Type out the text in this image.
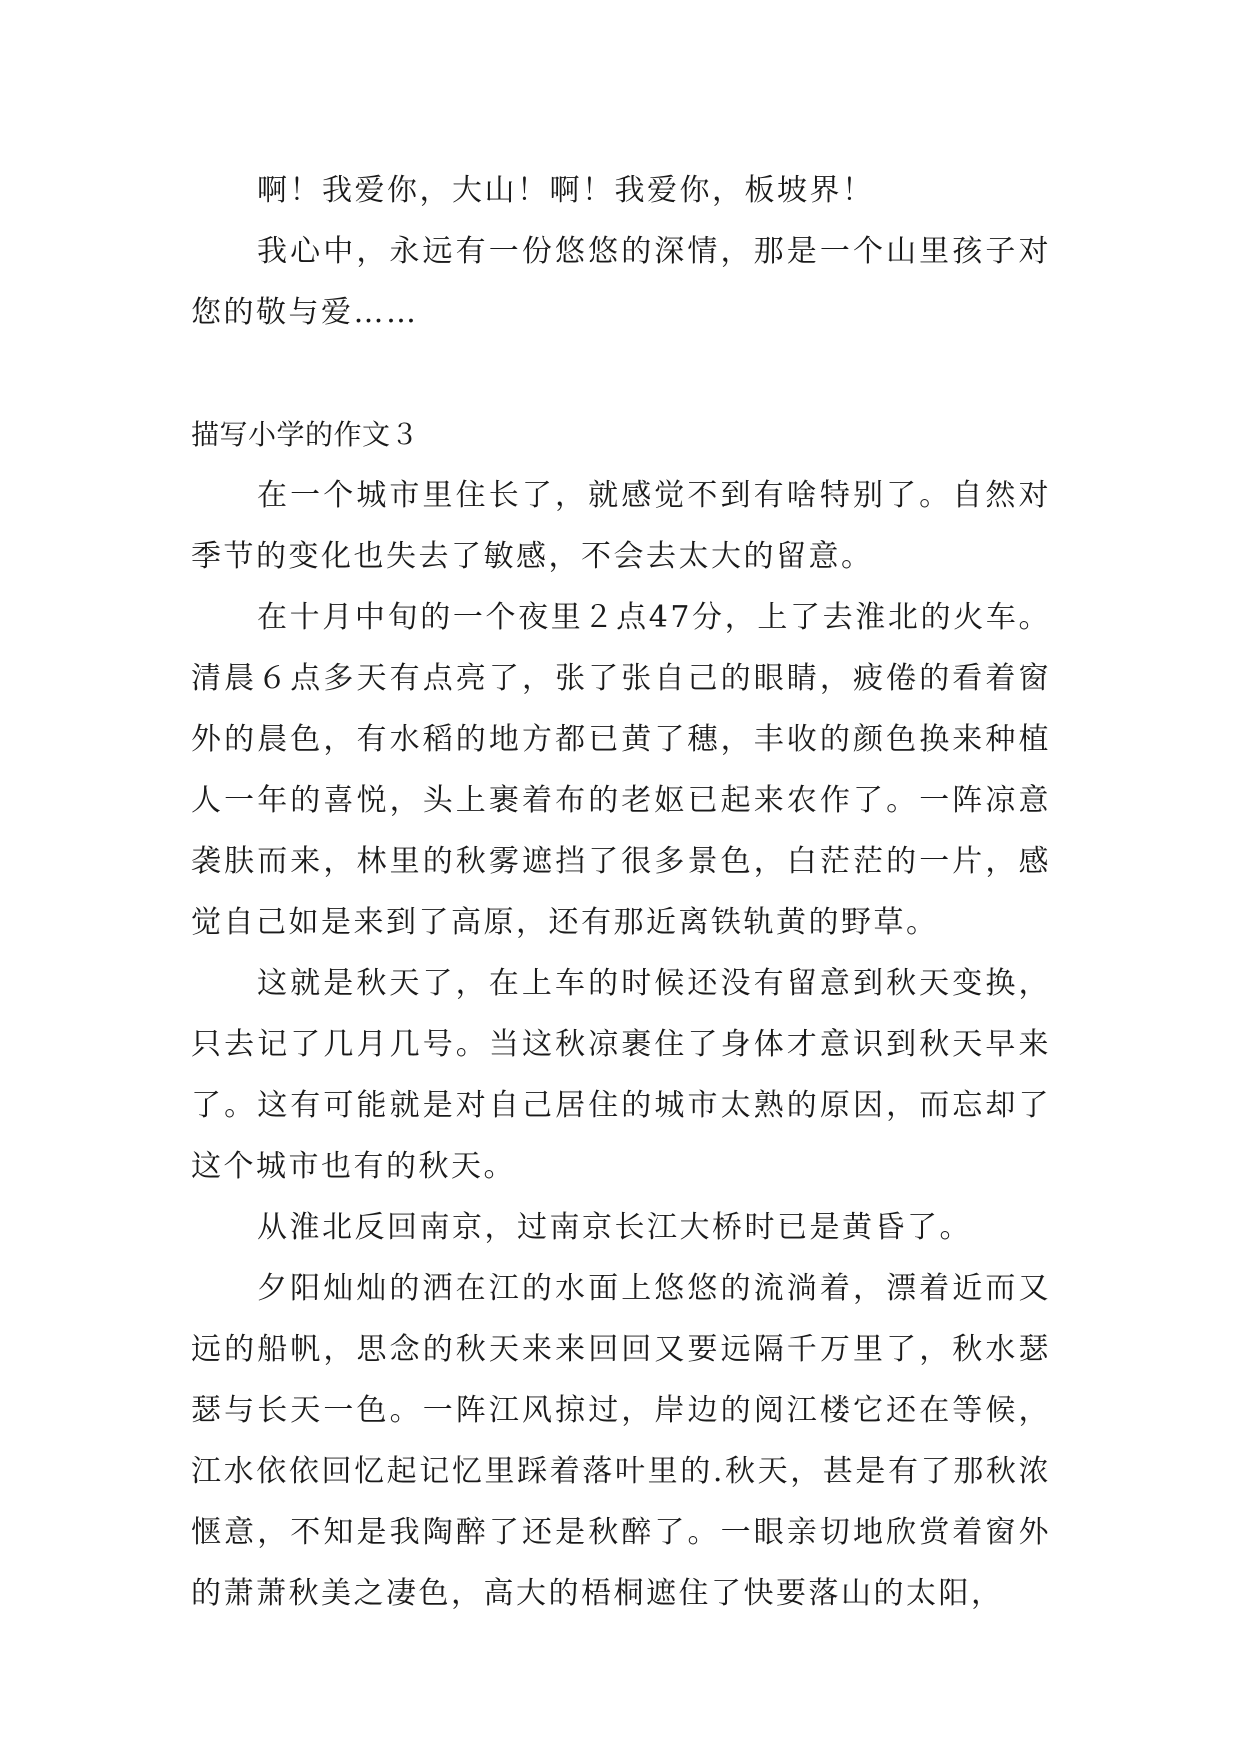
啊！我爱你，大山！啊！我爱你，板坡界！

我心中，永远有一份悠悠的深情，那是一个山里孩子对您的敬与爱……

描写小学的作文３

在一个城市里住长了，就感觉不到有啥特别了。自然对季节的变化也失去了敏感，不会去太大的留意。

在十月中旬的一个夜里２点47分，上了去淮北的火车。清晨６点多天有点亮了，张了张自己的眼睛，疲倦的看着窗外的晨色，有水稻的地方都已黄了穗，丰收的颜色换来种植人一年的喜悦，头上裹着布的老妪已起来农作了。一阵凉意袭肤而来，林里的秋雾遮挡了很多景色，白茫茫的一片，感觉自己如是来到了高原，还有那近离铁轨黄的野草。

这就是秋天了，在上车的时候还没有留意到秋天变换，只去记了几月几号。当这秋凉裹住了身体才意识到秋天早来了。这有可能就是对自己居住的城市太熟的原因，而忘却了这个城市也有的秋天。

从淮北反回南京，过南京长江大桥时已是黄昏了。

夕阳灿灿的洒在江的水面上悠悠的流淌着，漂着近而又远的船帆，思念的秋天来来回回又要远隔千万里了，秋水瑟瑟与长天一色。一阵江风掠过，岸边的阅江楼它还在等候，江水依依回忆起记忆里踩着落叶里的.秋天，甚是有了那秋浓惬意，不知是我陶醉了还是秋醉了。一眼亲切地欣赏着窗外的萧萧秋美之凄色，高大的梧桐遮住了快要落山的太阳，
